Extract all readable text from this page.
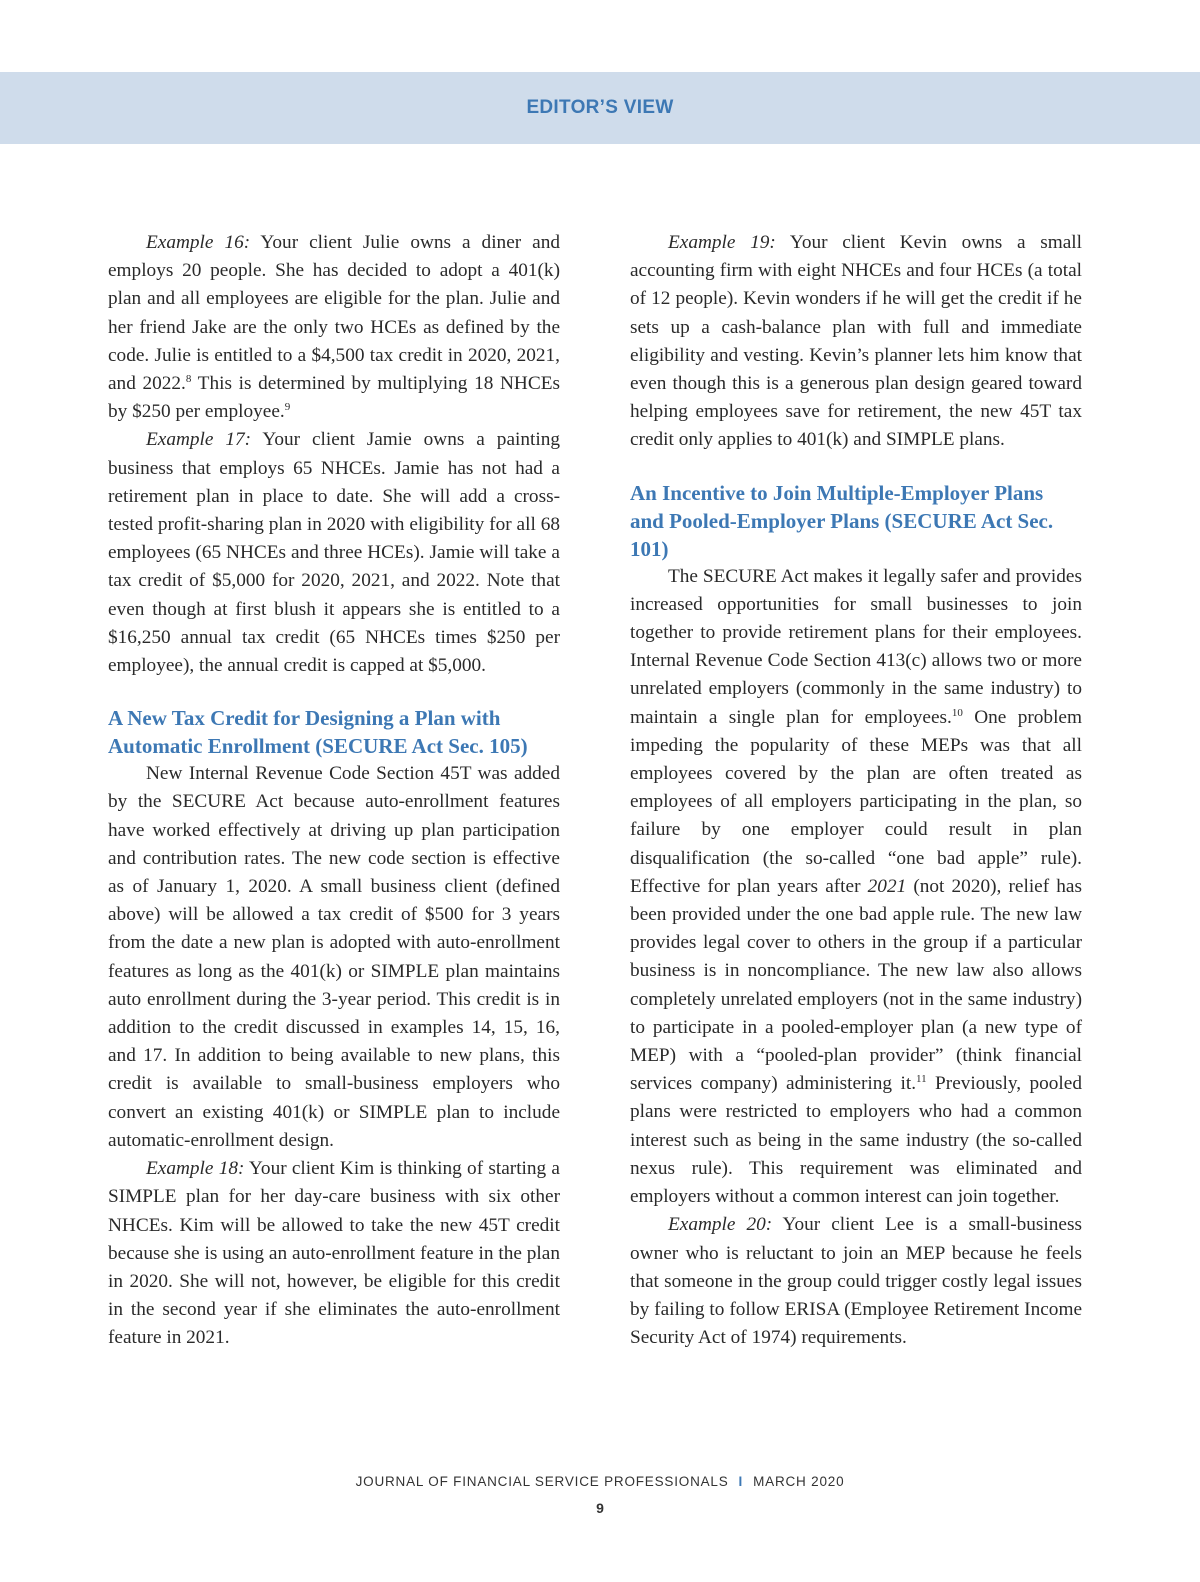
EDITOR’S VIEW

Example 16: Your client Julie owns a diner and employs 20 people. She has decided to adopt a 401(k) plan and all employees are eligible for the plan. Julie and her friend Jake are the only two HCEs as defined by the code. Julie is entitled to a $4,500 tax credit in 2020, 2021, and 2022.$^8$ This is determined by multiplying 18 NHCEs by $250 per employee.$^9$

Example 17: Your client Jamie owns a painting business that employs 65 NHCEs. Jamie has not had a retirement plan in place to date. She will add a cross-tested profit-sharing plan in 2020 with eligibility for all 68 employees (65 NHCEs and three HCEs). Jamie will take a tax credit of $5,000 for 2020, 2021, and 2022. Note that even though at first blush it appears she is entitled to a $16,250 annual tax credit (65 NHCEs times $250 per employee), the annual credit is capped at $5,000.

A New Tax Credit for Designing a Plan with Automatic Enrollment (SECURE Act Sec. 105)

New Internal Revenue Code Section 45T was added by the SECURE Act because auto-enrollment features have worked effectively at driving up plan participation and contribution rates. The new code section is effective as of January 1, 2020. A small business client (defined above) will be allowed a tax credit of $500 for 3 years from the date a new plan is adopted with auto-enrollment features as long as the 401(k) or SIMPLE plan maintains auto enrollment during the 3-year period. This credit is in addition to the credit discussed in examples 14, 15, 16, and 17. In addition to being available to new plans, this credit is available to small-business employers who convert an existing 401(k) or SIMPLE plan to include automatic-enrollment design.

Example 18: Your client Kim is thinking of starting a SIMPLE plan for her day-care business with six other NHCEs. Kim will be allowed to take the new 45T credit because she is using an auto-enrollment feature in the plan in 2020. She will not, however, be eligible for this credit in the second year if she eliminates the auto-enrollment feature in 2021.

Example 19: Your client Kevin owns a small accounting firm with eight NHCEs and four HCEs (a total of 12 people). Kevin wonders if he will get the credit if he sets up a cash-balance plan with full and immediate eligibility and vesting. Kevin’s planner lets him know that even though this is a generous plan design geared toward helping employees save for retirement, the new 45T tax credit only applies to 401(k) and SIMPLE plans.

An Incentive to Join Multiple-Employer Plans and Pooled-Employer Plans (SECURE Act Sec. 101)

The SECURE Act makes it legally safer and provides increased opportunities for small businesses to join together to provide retirement plans for their employees. Internal Revenue Code Section 413(c) allows two or more unrelated employers (commonly in the same industry) to maintain a single plan for employees.$^{10}$ One problem impeding the popularity of these MEPs was that all employees covered by the plan are often treated as employees of all employers participating in the plan, so failure by one employer could result in plan disqualification (the so-called “one bad apple” rule). Effective for plan years after 2021 (not 2020), relief has been provided under the one bad apple rule. The new law provides legal cover to others in the group if a particular business is in noncompliance. The new law also allows completely unrelated employers (not in the same industry) to participate in a pooled-employer plan (a new type of MEP) with a “pooled-plan provider” (think financial services company) administering it.$^{11}$ Previously, pooled plans were restricted to employers who had a common interest such as being in the same industry (the so-called nexus rule). This requirement was eliminated and employers without a common interest can join together.

Example 20: Your client Lee is a small-business owner who is reluctant to join an MEP because he feels that someone in the group could trigger costly legal issues by failing to follow ERISA (Employee Retirement Income Security Act of 1974) requirements.

JOURNAL OF FINANCIAL SERVICE PROFESSIONALS I MARCH 2020
9
